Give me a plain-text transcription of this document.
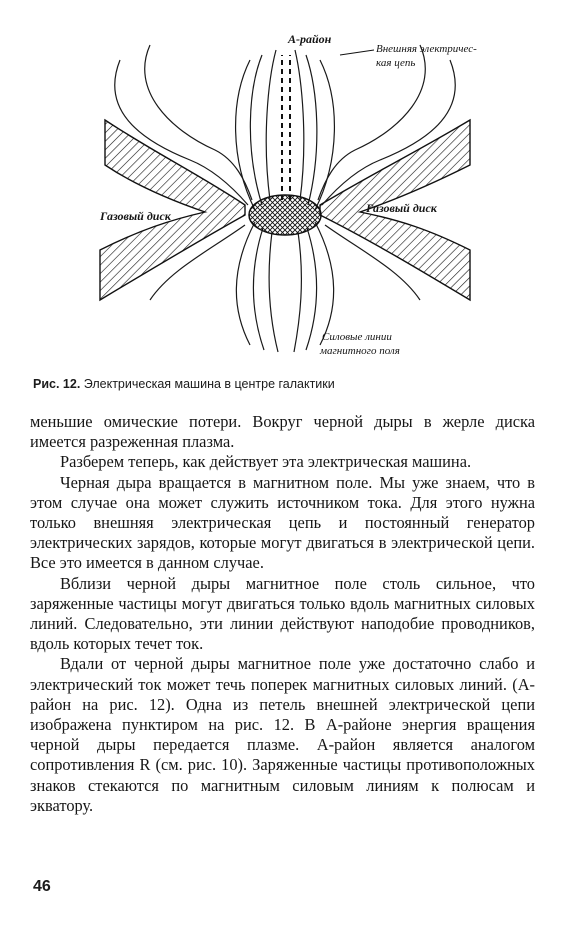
A-район
Внешняя электричес-
кая цепь
Газовый диск
Газовый диск
Силовые линии
магнитного поля
Рис. 12. Электрическая машина в центре галактики

меньшие омические потери. Вокруг черной дыры в жерле диска имеется разреженная плазма.

Разберем теперь, как действует эта электрическая машина.

Черная дыра вращается в магнитном поле. Мы уже знаем, что в этом случае она может служить источником тока. Для этого нужна только внешняя электрическая цепь и постоянный генератор электрических зарядов, которые могут двигаться в электрической цепи. Все это имеется в данном случае.

Вблизи черной дыры магнитное поле столь сильное, что заряженные частицы могут двигаться только вдоль магнитных силовых линий. Следовательно, эти линии действуют наподобие проводников, вдоль которых течет ток.

Вдали от черной дыры магнитное поле уже достаточно слабо и электрический ток может течь поперек магнитных силовых линий. (A-район на рис. 12). Одна из петель внешней электрической цепи изображена пунктиром на рис. 12. В A-районе энергия вращения черной дыры передается плазме. A-район является аналогом сопротивления R (см. рис. 10). Заряженные частицы противоположных знаков стекаются по магнитным силовым линиям к полюсам и экватору.

46
